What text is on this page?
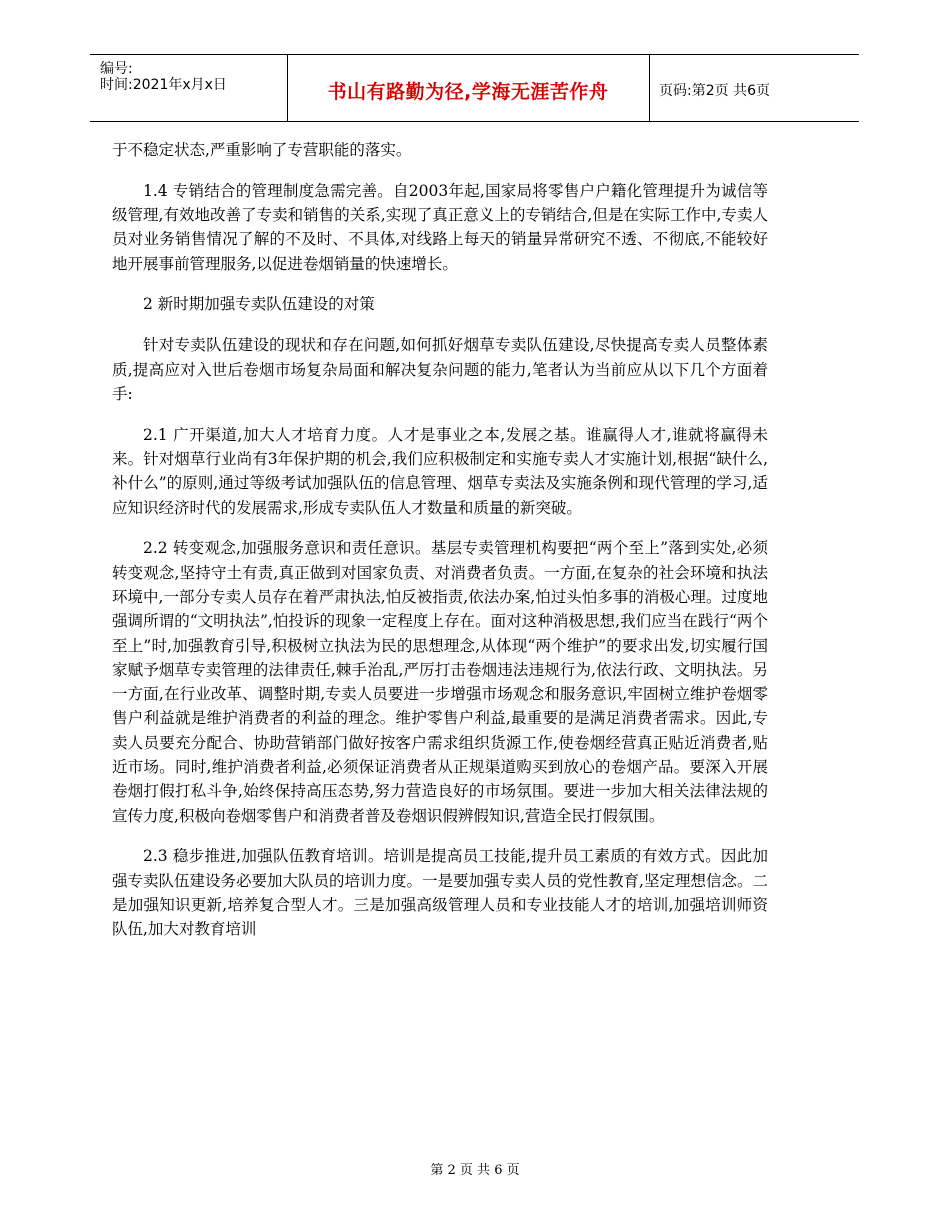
编号:
时间:2021年x月x日	书山有路勤为径,学海无涯苦作舟	页码:第2页 共6页

于不稳定状态,严重影响了专营职能的落实。

1.4 专销结合的管理制度急需完善。自2003年起,国家局将零售户户籍化管理提升为诚信等级管理,有效地改善了专卖和销售的关系,实现了真正意义上的专销结合,但是在实际工作中,专卖人员对业务销售情况了解的不及时、不具体,对线路上每天的销量异常研究不透、不彻底,不能较好地开展事前管理服务,以促进卷烟销量的快速增长。

2 新时期加强专卖队伍建设的对策

针对专卖队伍建设的现状和存在问题,如何抓好烟草专卖队伍建设,尽快提高专卖人员整体素质,提高应对入世后卷烟市场复杂局面和解决复杂问题的能力,笔者认为当前应从以下几个方面着手:

2.1 广开渠道,加大人才培育力度。人才是事业之本,发展之基。谁赢得人才,谁就将赢得未来。针对烟草行业尚有3年保护期的机会,我们应积极制定和实施专卖人才实施计划,根据“缺什么,补什么”的原则,通过等级考试加强队伍的信息管理、烟草专卖法及实施条例和现代管理的学习,适应知识经济时代的发展需求,形成专卖队伍人才数量和质量的新突破。

2.2 转变观念,加强服务意识和责任意识。基层专卖管理机构要把“两个至上”落到实处,必须转变观念,坚持守土有责,真正做到对国家负责、对消费者负责。一方面,在复杂的社会环境和执法环境中,一部分专卖人员存在着严肃执法,怕反被指责,依法办案,怕过头怕多事的消极心理。过度地强调所谓的“文明执法”,怕投诉的现象一定程度上存在。面对这种消极思想,我们应当在践行“两个至上”时,加强教育引导,积极树立执法为民的思想理念,从体现“两个维护”的要求出发,切实履行国家赋予烟草专卖管理的法律责任,棘手治乱,严厉打击卷烟违法违规行为,依法行政、文明执法。另一方面,在行业改革、调整时期,专卖人员要进一步增强市场观念和服务意识,牢固树立维护卷烟零售户利益就是维护消费者的利益的理念。维护零售户利益,最重要的是满足消费者需求。因此,专卖人员要充分配合、协助营销部门做好按客户需求组织货源工作,使卷烟经营真正贴近消费者,贴近市场。同时,维护消费者利益,必须保证消费者从正规渠道购买到放心的卷烟产品。要深入开展卷烟打假打私斗争,始终保持高压态势,努力营造良好的市场氛围。要进一步加大相关法律法规的宣传力度,积极向卷烟零售户和消费者普及卷烟识假辨假知识,营造全民打假氛围。

2.3 稳步推进,加强队伍教育培训。培训是提高员工技能,提升员工素质的有效方式。因此加强专卖队伍建设务必要加大队员的培训力度。一是要加强专卖人员的党性教育,坚定理想信念。二是加强知识更新,培养复合型人才。三是加强高级管理人员和专业技能人才的培训,加强培训师资队伍,加大对教育培训

第 2 页 共 6 页
